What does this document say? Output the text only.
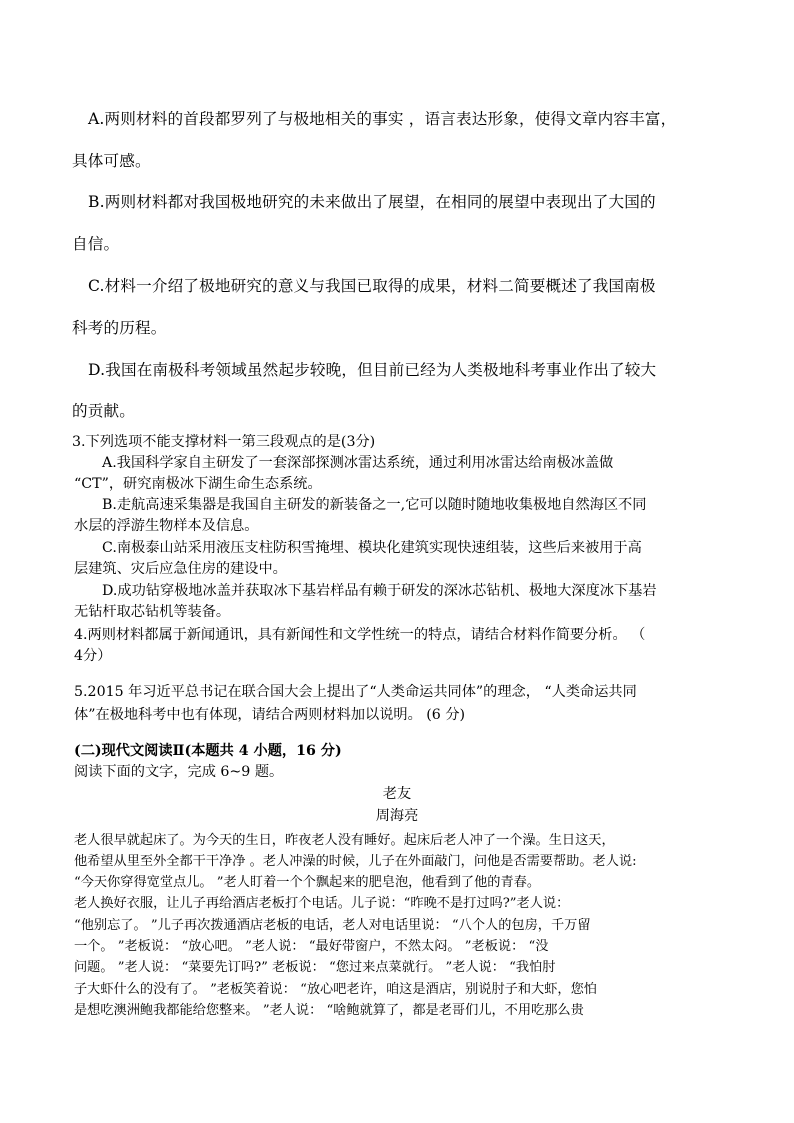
A.两则材料的首段都罗列了与极地相关的事实 ，语言表达形象，使得文章内容丰富，
具体可感。
B.两则材料都对我国极地研究的未来做出了展望，在相同的展望中表现出了大国的
自信。
C.材料一介绍了极地研究的意义与我国已取得的成果，材料二简要概述了我国南极
科考的历程。
D.我国在南极科考领域虽然起步较晚，但目前已经为人类极地科考事业作出了较大
的贡献。
3.下列选项不能支撑材料一第三段观点的是(3分)
A.我国科学家自主研发了一套深部探测冰雷达系统，通过利用冰雷达给南极冰盖做
“CT”，研究南极冰下湖生命生态系统。
B.走航高速采集器是我国自主研发的新装备之一,它可以随时随地收集极地自然海区不同
水层的浮游生物样本及信息。
C.南极泰山站采用液压支柱防积雪掩埋、模块化建筑实现快速组装，这些后来被用于高
层建筑、灾后应急住房的建设中。
D.成功钻穿极地冰盖并获取冰下基岩样品有赖于研发的深冰芯钻机、极地大深度冰下基岩
无钻杆取芯钻机等装备。
4.两则材料都属于新闻通讯，具有新闻性和文学性统一的特点，请结合材料作简要分析。 （
4分）
5.2015 年习近平总书记在联合国大会上提出了“人类命运共同体”的理念， “人类命运共同
体”在极地科考中也有体现，请结合两则材料加以说明。 (6 分)
(二)现代文阅读Ⅱ(本题共 4 小题，16 分)
阅读下面的文字，完成 6~9 题。
老友
周海亮
老人很早就起床了。为今天的生日，昨夜老人没有睡好。起床后老人冲了一个澡。生日这天，
他希望从里至外全都干干净净 。老人冲澡的时候，儿子在外面敲门，问他是否需要帮助。老人说:
“今天你穿得宽堂点儿。 ”老人盯着一个个飘起来的肥皂泡，他看到了他的青春。
老人换好衣服，让儿子再给酒店老板打个电话。儿子说：“昨晚不是打过吗?”老人说：
“他别忘了。 ”儿子再次拨通酒店老板的电话，老人对电话里说： “八个人的包房，千万留
一个。 ”老板说： “放心吧。 ”老人说： “最好带窗户，不然太闷。 ”老板说： “没
问题。 ”老人说： “菜要先订吗?” 老板说： “您过来点菜就行。 ”老人说： “我怕肘
子大虾什么的没有了。 ”老板笑着说： “放心吧老许，咱这是酒店，别说肘子和大虾，您怕
是想吃澳洲鲍我都能给您整来。 ”老人说： “啥鲍就算了，都是老哥们儿，不用吃那么贵
